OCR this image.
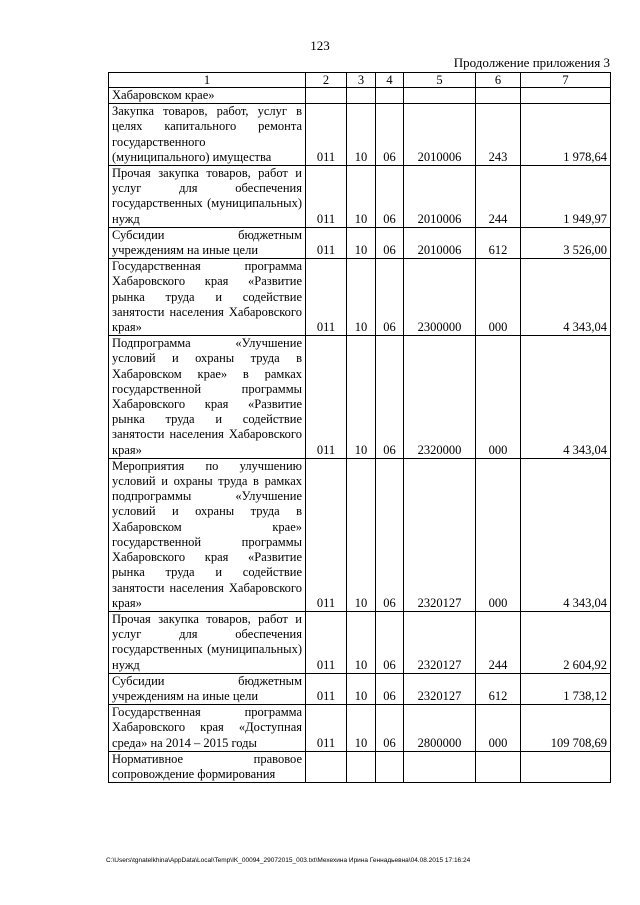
123
Продолжение приложения 3
1	2	3	4	5	6	7
Хабаровском крае»						
Закупка товаров, работ, услуг в целях капитального ремонта государственного (муниципального) имущества	011	10	06	2010006	243	1 978,64
Прочая закупка товаров, работ и услуг для обеспечения государственных (муниципальных) нужд	011	10	06	2010006	244	1 949,97
Субсидии бюджетным учреждениям на иные цели	011	10	06	2010006	612	3 526,00
Государственная программа Хабаровского края «Развитие рынка труда и содействие занятости населения Хабаровского края»	011	10	06	2300000	000	4 343,04
Подпрограмма «Улучшение условий и охраны труда в Хабаровском крае» в рамках государственной программы Хабаровского края «Развитие рынка труда и содействие занятости населения Хабаровского края»	011	10	06	2320000	000	4 343,04
Мероприятия по улучшению условий и охраны труда в рамках подпрограммы «Улучшение условий и охраны труда в Хабаровском крае» государственной программы Хабаровского края «Развитие рынка труда и содействие занятости населения Хабаровского края»	011	10	06	2320127	000	4 343,04
Прочая закупка товаров, работ и услуг для обеспечения государственных (муниципальных) нужд	011	10	06	2320127	244	2 604,92
Субсидии бюджетным учреждениям на иные цели	011	10	06	2320127	612	1 738,12
Государственная программа Хабаровского края «Доступная среда» на 2014 – 2015 годы	011	10	06	2800000	000	109 708,69
Нормативное правовое сопровождение формирования						
C:\Users\tgnatelkhina\AppData\Local\Temp\IK_00094_29072015_003.txt\Мехехина Ирина Геннадьевна\04.08.2015 17:16:24
